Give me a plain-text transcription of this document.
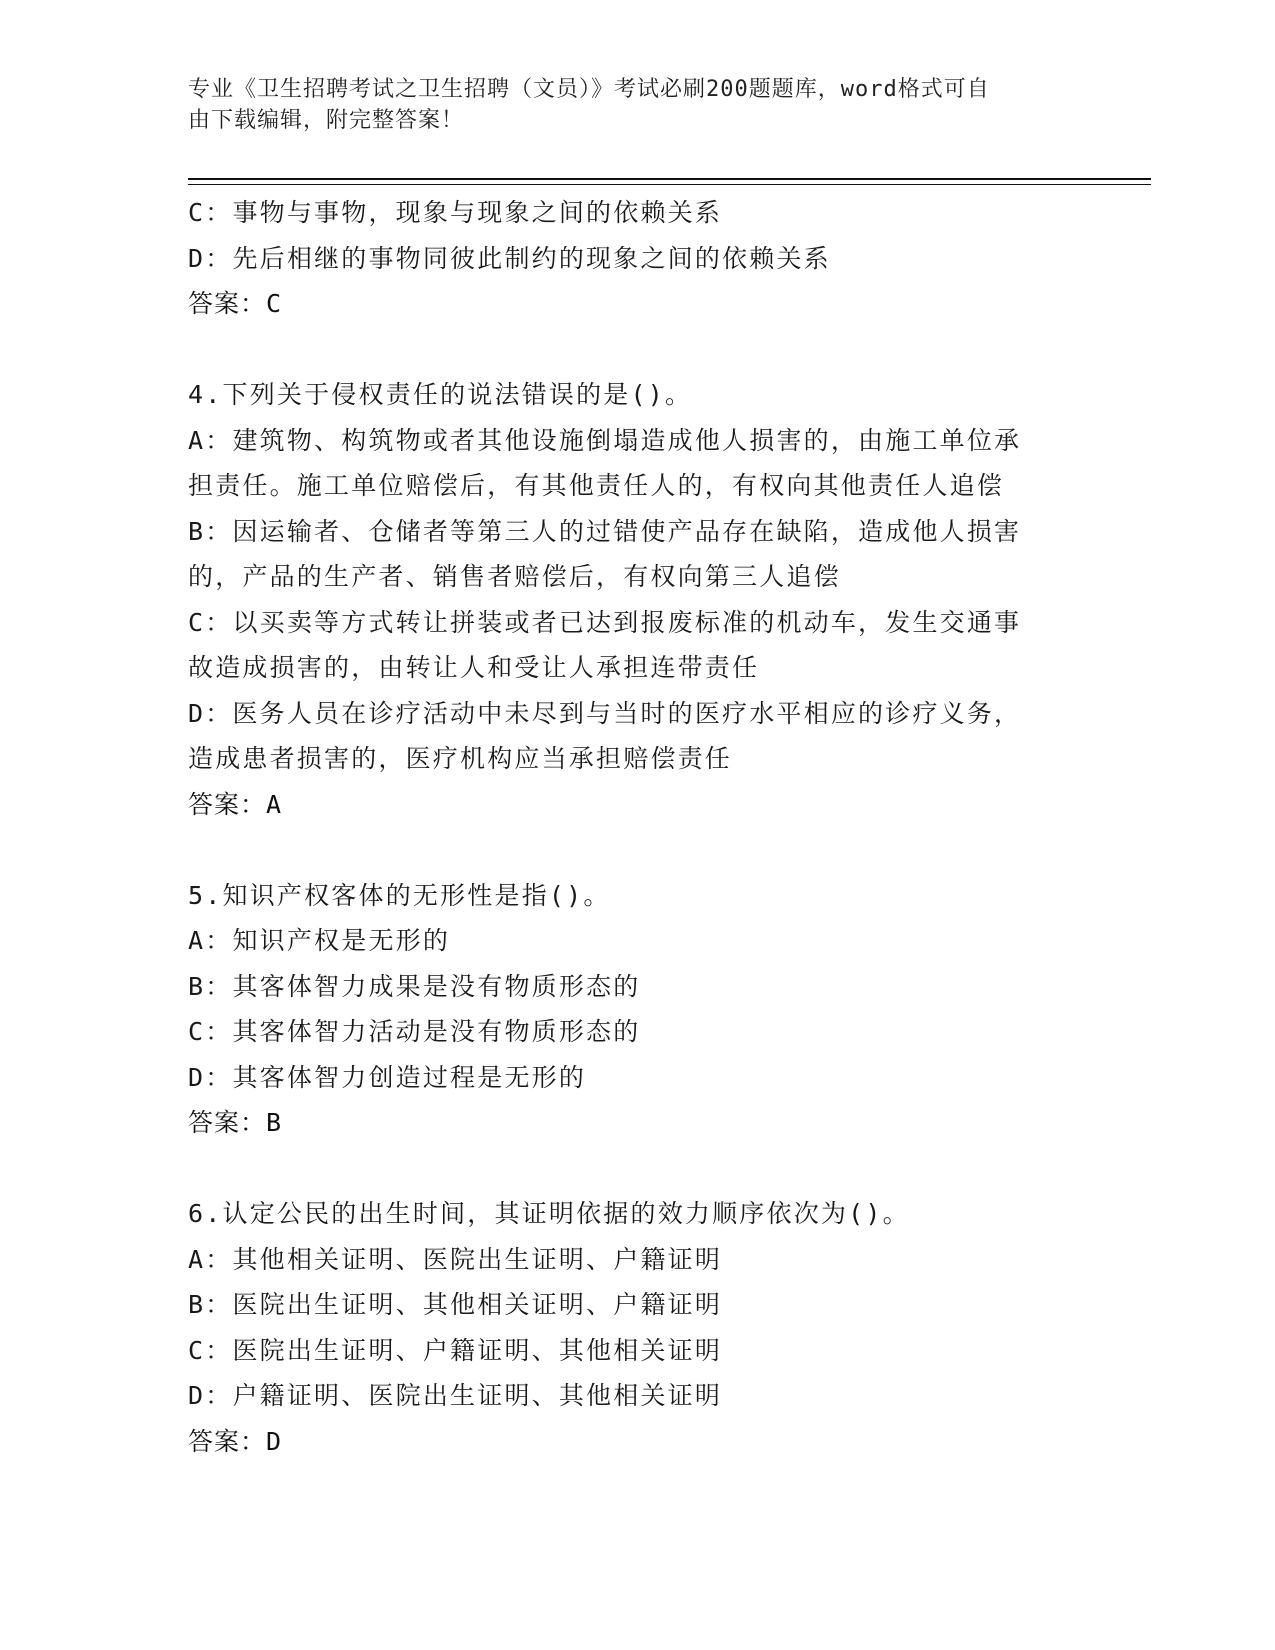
专业《卫生招聘考试之卫生招聘（文员）》考试必刷200题题库，word格式可自
由下载编辑，附完整答案！
C：事物与事物，现象与现象之间的依赖关系
D：先后相继的事物同彼此制约的现象之间的依赖关系
答案：C
4.下列关于侵权责任的说法错误的是()。
A：建筑物、构筑物或者其他设施倒塌造成他人损害的，由施工单位承
担责任。施工单位赔偿后，有其他责任人的，有权向其他责任人追偿
B：因运输者、仓储者等第三人的过错使产品存在缺陷，造成他人损害
的，产品的生产者、销售者赔偿后，有权向第三人追偿
C：以买卖等方式转让拼装或者已达到报废标准的机动车，发生交通事
故造成损害的，由转让人和受让人承担连带责任
D：医务人员在诊疗活动中未尽到与当时的医疗水平相应的诊疗义务，
造成患者损害的，医疗机构应当承担赔偿责任
答案：A
5.知识产权客体的无形性是指()。
A：知识产权是无形的
B：其客体智力成果是没有物质形态的
C：其客体智力活动是没有物质形态的
D：其客体智力创造过程是无形的
答案：B
6.认定公民的出生时间，其证明依据的效力顺序依次为()。
A：其他相关证明、医院出生证明、户籍证明
B：医院出生证明、其他相关证明、户籍证明
C：医院出生证明、户籍证明、其他相关证明
D：户籍证明、医院出生证明、其他相关证明
答案：D
